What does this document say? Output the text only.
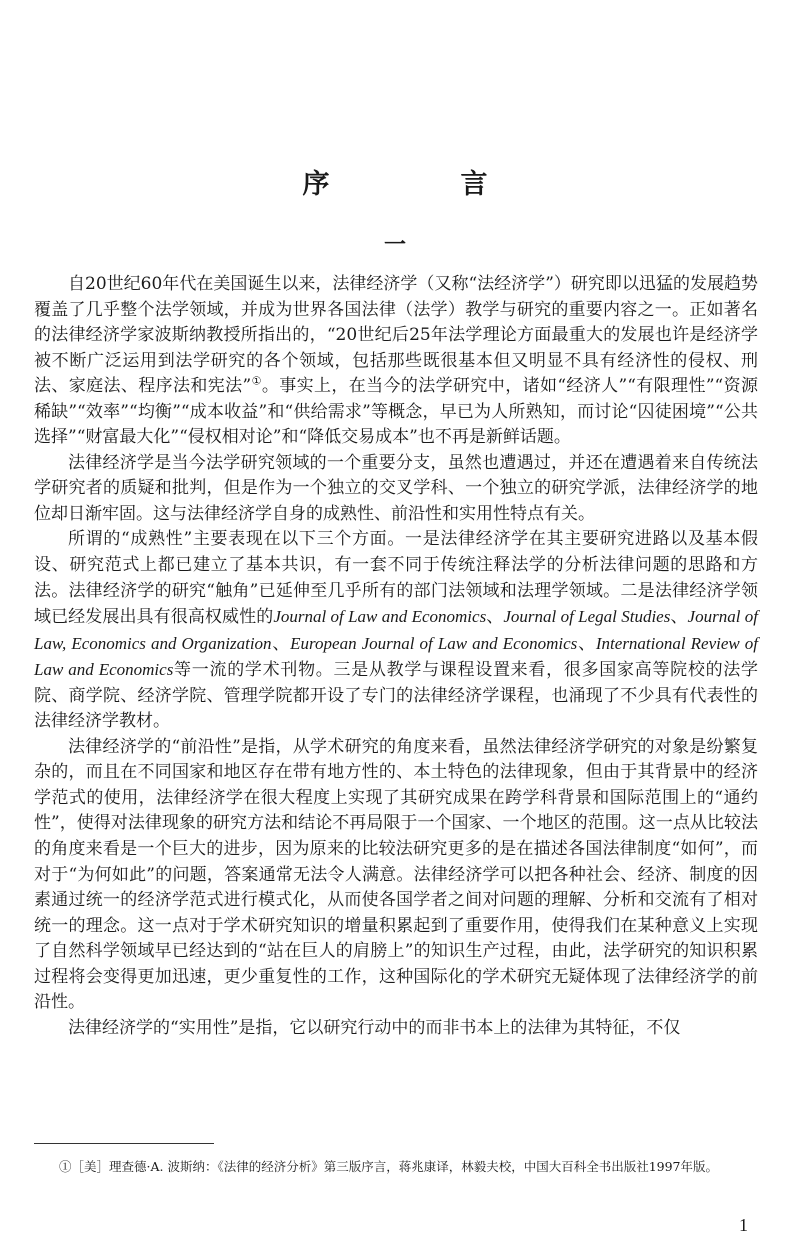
序　言
一

自20世纪60年代在美国诞生以来，法律经济学（又称“法经济学”）研究即以迅猛的发展趋势覆盖了几乎整个法学领域，并成为世界各国法律（法学）教学与研究的重要内容之一。正如著名的法律经济学家波斯纳教授所指出的，“20世纪后25年法学理论方面最重大的发展也许是经济学被不断广泛运用到法学研究的各个领域，包括那些既很基本但又明显不具有经济性的侵权、刑法、家庭法、程序法和宪法”①。事实上，在当今的法学研究中，诸如“经济人”“有限理性”“资源稀缺”“效率”“均衡”“成本收益”和“供给需求”等概念，早已为人所熟知，而讨论“囚徒困境”“公共选择”“财富最大化”“侵权相对论”和“降低交易成本”也不再是新鲜话题。

法律经济学是当今法学研究领域的一个重要分支，虽然也遭遇过，并还在遭遇着来自传统法学研究者的质疑和批判，但是作为一个独立的交叉学科、一个独立的研究学派，法律经济学的地位却日渐牢固。这与法律经济学自身的成熟性、前沿性和实用性特点有关。

所谓的“成熟性”主要表现在以下三个方面。一是法律经济学在其主要研究进路以及基本假设、研究范式上都已建立了基本共识，有一套不同于传统注释法学的分析法律问题的思路和方法。法律经济学的研究“触角”已延伸至几乎所有的部门法领域和法理学领域。二是法律经济学领域已经发展出具有很高权威性的Journal of Law and Economics、Journal of Legal Studies、Journal of Law, Economics and Organization、European Journal of Law and Economics、International Review of Law and Economics等一流的学术刊物。三是从教学与课程设置来看，很多国家高等院校的法学院、商学院、经济学院、管理学院都开设了专门的法律经济学课程，也涌现了不少具有代表性的法律经济学教材。

法律经济学的“前沿性”是指，从学术研究的角度来看，虽然法律经济学研究的对象是纷繁复杂的，而且在不同国家和地区存在带有地方性的、本土特色的法律现象，但由于其背景中的经济学范式的使用，法律经济学在很大程度上实现了其研究成果在跨学科背景和国际范围上的“通约性”，使得对法律现象的研究方法和结论不再局限于一个国家、一个地区的范围。这一点从比较法的角度来看是一个巨大的进步，因为原来的比较法研究更多的是在描述各国法律制度“如何”，而对于“为何如此”的问题，答案通常无法令人满意。法律经济学可以把各种社会、经济、制度的因素通过统一的经济学范式进行模式化，从而使各国学者之间对问题的理解、分析和交流有了相对统一的理念。这一点对于学术研究知识的增量积累起到了重要作用，使得我们在某种意义上实现了自然科学领域早已经达到的“站在巨人的肩膀上”的知识生产过程，由此，法学研究的知识积累过程将会变得更加迅速，更少重复性的工作，这种国际化的学术研究无疑体现了法律经济学的前沿性。

法律经济学的“实用性”是指，它以研究行动中的而非书本上的法律为其特征，不仅

①［美］理查德·A. 波斯纳：《法律的经济分析》第三版序言，蒋兆康译，林毅夫校，中国大百科全书出版社1997年版。

1
